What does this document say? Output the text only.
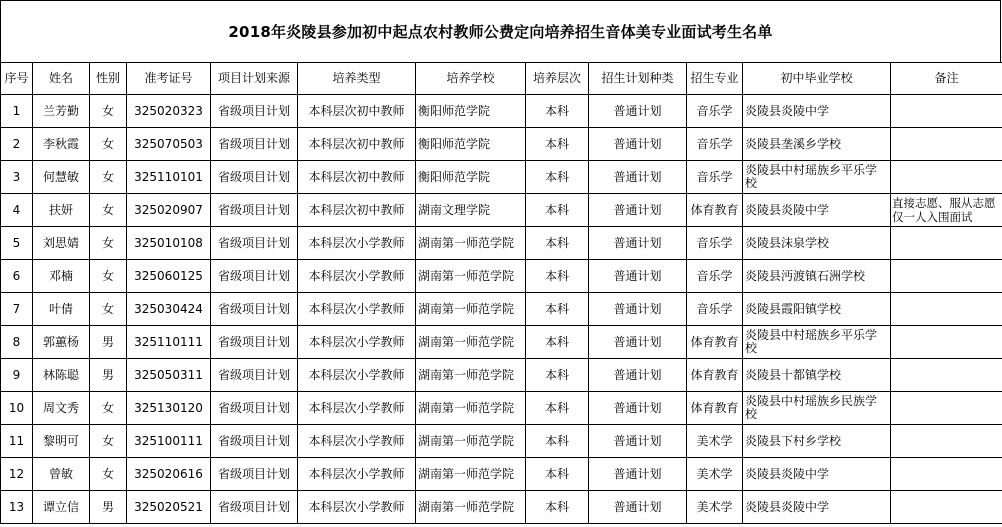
2018年炎陵县参加初中起点农村教师公费定向培养招生音体美专业面试考生名单
序号	姓名	性别	准考证号	项目计划来源	培养类型	培养学校	培养层次	招生计划种类	招生专业	初中毕业学校	备注
1	兰芳勤	女	325020323	省级项目计划	本科层次初中教师	衡阳师范学院	本科	普通计划	音乐学	炎陵县炎陵中学	
2	李秋霞	女	325070503	省级项目计划	本科层次初中教师	衡阳师范学院	本科	普通计划	音乐学	炎陵县垄溪乡学校	
3	何慧敏	女	325110101	省级项目计划	本科层次初中教师	衡阳师范学院	本科	普通计划	音乐学	炎陵县中村瑶族乡平乐学校	
4	扶妍	女	325020907	省级项目计划	本科层次初中教师	湖南文理学院	本科	普通计划	体育教育	炎陵县炎陵中学	直接志愿、服从志愿仅一人入围面试
5	刘思婧	女	325010108	省级项目计划	本科层次小学教师	湖南第一师范学院	本科	普通计划	音乐学	炎陵县沫泉学校	
6	邓楠	女	325060125	省级项目计划	本科层次小学教师	湖南第一师范学院	本科	普通计划	音乐学	炎陵县沔渡镇石洲学校	
7	叶倩	女	325030424	省级项目计划	本科层次小学教师	湖南第一师范学院	本科	普通计划	音乐学	炎陵县霞阳镇学校	
8	郭蕙杨	男	325110111	省级项目计划	本科层次小学教师	湖南第一师范学院	本科	普通计划	体育教育	炎陵县中村瑶族乡平乐学校	
9	林陈聪	男	325050311	省级项目计划	本科层次小学教师	湖南第一师范学院	本科	普通计划	体育教育	炎陵县十都镇学校	
10	周文秀	女	325130120	省级项目计划	本科层次小学教师	湖南第一师范学院	本科	普通计划	体育教育	炎陵县中村瑶族乡民族学校	
11	黎明可	女	325100111	省级项目计划	本科层次小学教师	湖南第一师范学院	本科	普通计划	美术学	炎陵县下村乡学校	
12	曾敏	女	325020616	省级项目计划	本科层次小学教师	湖南第一师范学院	本科	普通计划	美术学	炎陵县炎陵中学	
13	谭立信	男	325020521	省级项目计划	本科层次小学教师	湖南第一师范学院	本科	普通计划	美术学	炎陵县炎陵中学	
